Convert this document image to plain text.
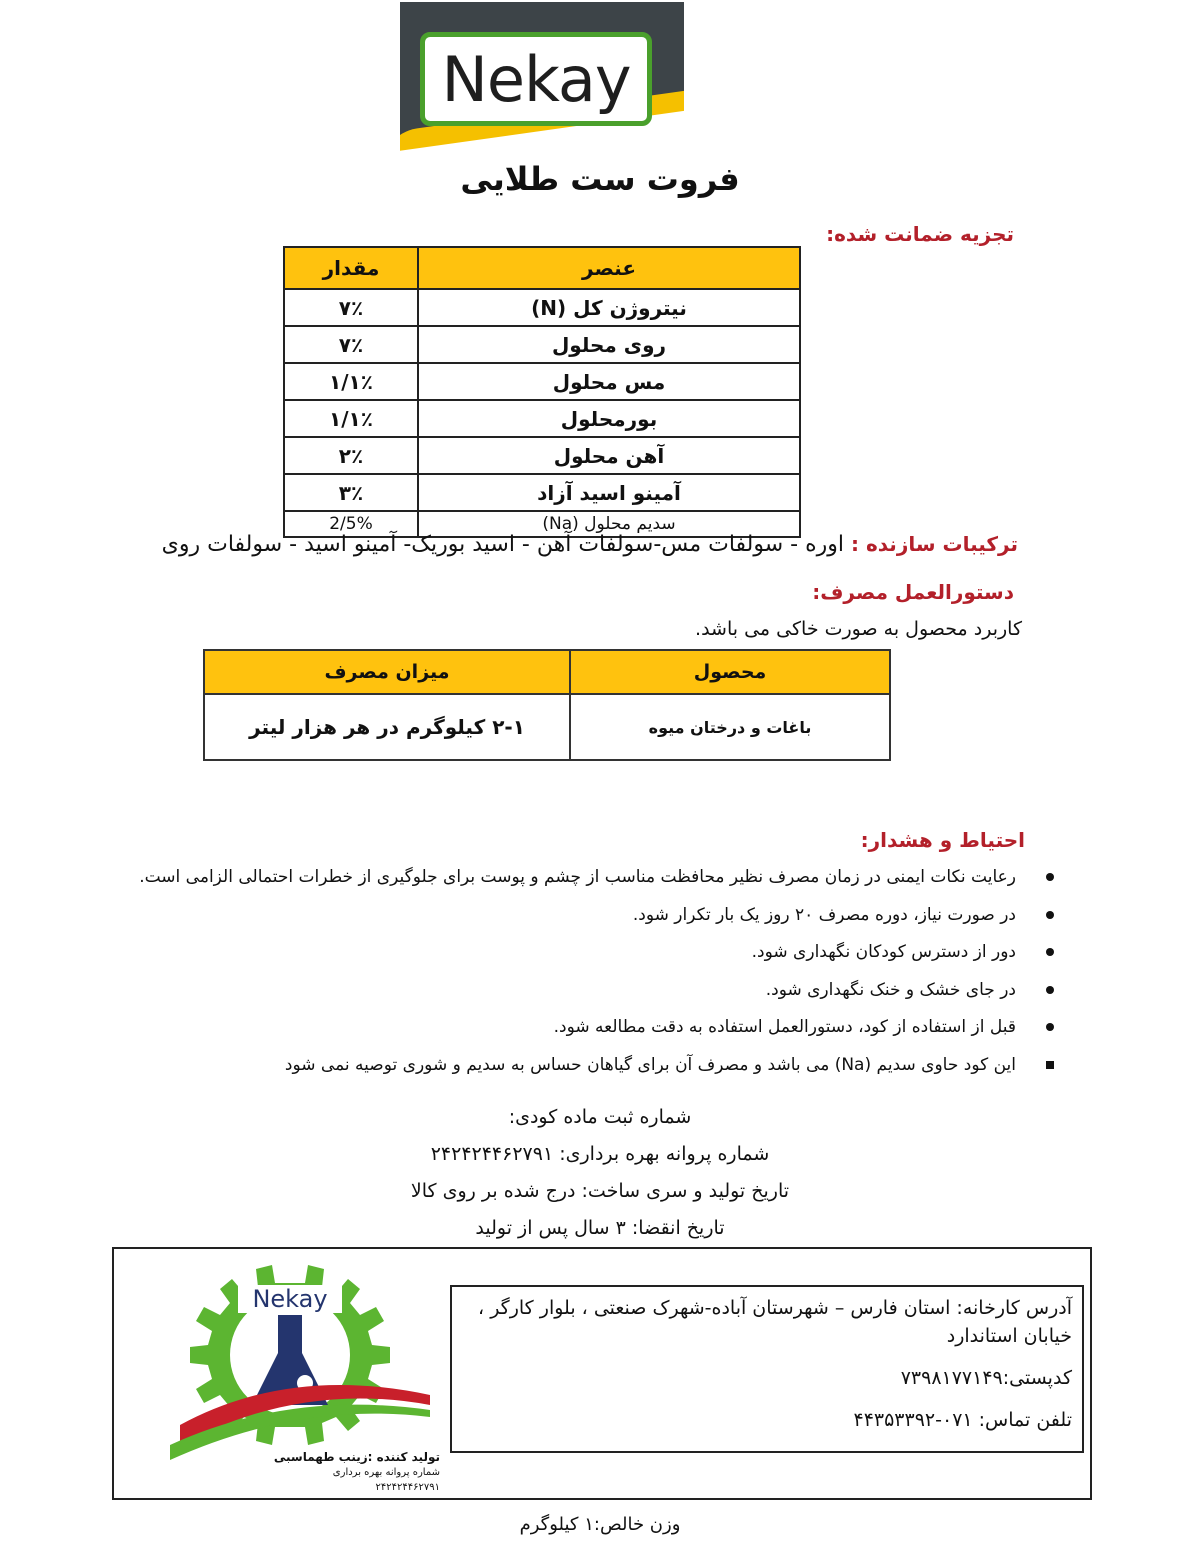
Nekay
فروت ست طلایی
تجزیه ضمانت شده:
عنصر	مقدار
نیتروژن کل (N)	۷٪
روی محلول	۷٪
مس محلول	۱/۱٪
بورمحلول	۱/۱٪
آهن محلول	۲٪
آمینو اسید آزاد	۳٪
سدیم محلول (Na)	2/5%
ترکیبات سازنده : اوره - سولفات مس-سولفات آهن - اسید بوریک- آمینو اسید - سولفات روی
دستورالعمل مصرف:
کاربرد محصول به صورت خاکی می باشد.
محصول	میزان مصرف
باغات و درختان میوه	۲-۱ کیلوگرم در هر هزار لیتر
احتیاط و هشدار:
رعایت نکات ایمنی در زمان مصرف نظیر محافظت مناسب از چشم و پوست برای جلوگیری از خطرات احتمالی الزامی است.
در صورت نیاز، دوره مصرف ۲۰ روز یک بار تکرار شود.
دور از دسترس کودکان نگهداری شود.
در جای خشک و خنک نگهداری شود.
قبل از استفاده از کود، دستورالعمل استفاده به دقت مطالعه شود.
این کود حاوی سدیم (Na) می باشد و مصرف آن برای گیاهان حساس به سدیم و شوری توصیه نمی شود
شماره ثبت ماده کودی:
شماره پروانه بهره برداری: ۲۴۲۴۲۴۴۶۲۷۹۱
تاریخ تولید و سری ساخت: درج شده بر روی کالا
تاریخ انقضا: ۳ سال پس از تولید
Nekay
تولید کننده :زینب طهماسبی
شماره پروانه بهره برداری
۲۴۲۴۲۴۴۶۲۷۹۱
آدرس کارخانه: استان فارس – شهرستان آباده-شهرک صنعتی ، بلوار کارگر ،
خیابان استاندارد
کدپستی:۷۳۹۸۱۷۷۱۴۹
تلفن تماس: ۰۷۱-۴۴۳۵۳۳۹۲
وزن خالص:۱ کیلوگرم
